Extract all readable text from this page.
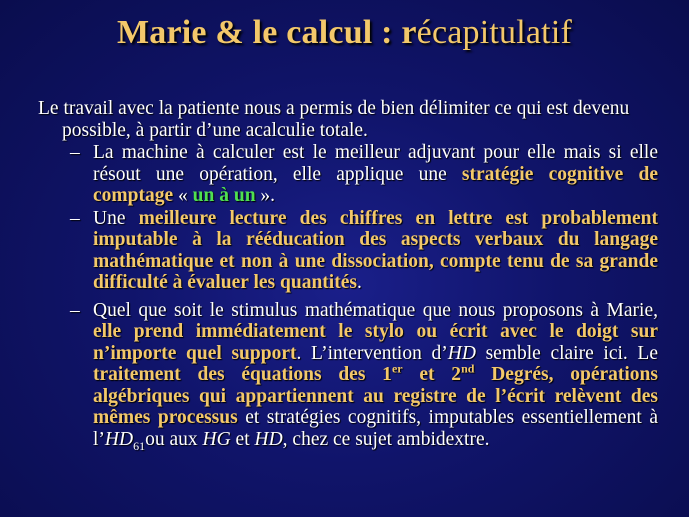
Marie & le calcul : récapitulatif

Le travail avec la patiente nous a permis de bien délimiter ce qui est devenu possible, à partir d’une acalculie totale.

– La machine à calculer est le meilleur adjuvant pour elle mais si elle résout une opération, elle applique une stratégie cognitive de comptage « un à un ».
– Une meilleure lecture des chiffres en lettre est probablement imputable à la rééducation des aspects verbaux du langage mathématique et non à une dissociation, compte tenu de sa grande difficulté à évaluer les quantités.
– Quel que soit le stimulus mathématique que nous proposons à Marie, elle prend immédiatement le stylo ou écrit avec le doigt sur n’importe quel support. L’intervention d’HD semble claire ici. Le traitement des équations des 1er et 2nd Degrés, opérations algébriques qui appartiennent au registre de l’écrit relèvent des mêmes processus et stratégies cognitifs, imputables essentiellement à $l’HD_{61}ou$ aux HG et HD, chez ce sujet ambidextre.
